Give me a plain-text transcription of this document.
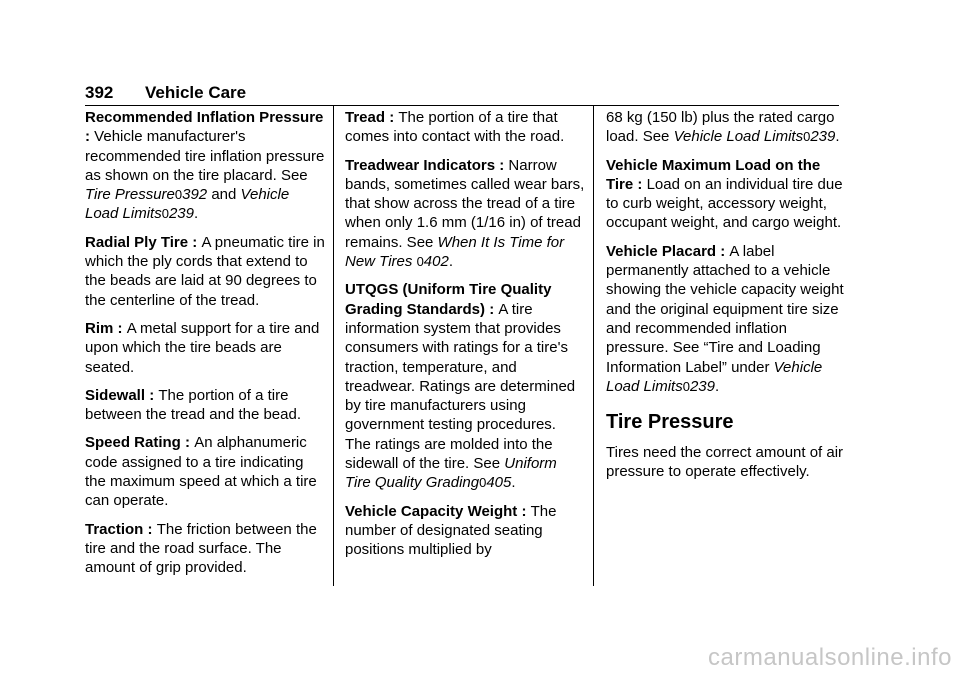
392 Vehicle Care

Recommended Inflation Pressure : Vehicle manufacturer's recommended tire inflation pressure as shown on the tire placard. See Tire Pressure0392 and Vehicle Load Limits0239.

Radial Ply Tire : A pneumatic tire in which the ply cords that extend to the beads are laid at 90 degrees to the centerline of the tread.

Rim : A metal support for a tire and upon which the tire beads are seated.

Sidewall : The portion of a tire between the tread and the bead.

Speed Rating : An alphanumeric code assigned to a tire indicating the maximum speed at which a tire can operate.

Traction : The friction between the tire and the road surface. The amount of grip provided.

Tread : The portion of a tire that comes into contact with the road.

Treadwear Indicators : Narrow bands, sometimes called wear bars, that show across the tread of a tire when only 1.6 mm (1/16 in) of tread remains. See When It Is Time for New Tires 0402.

UTQGS (Uniform Tire Quality Grading Standards) : A tire information system that provides consumers with ratings for a tire's traction, temperature, and treadwear. Ratings are determined by tire manufacturers using government testing procedures. The ratings are molded into the sidewall of the tire. See Uniform Tire Quality Grading0405.

Vehicle Capacity Weight : The number of designated seating positions multiplied by

68 kg (150 lb) plus the rated cargo load. See Vehicle Load Limits0239.

Vehicle Maximum Load on the Tire : Load on an individual tire due to curb weight, accessory weight, occupant weight, and cargo weight.

Vehicle Placard : A label permanently attached to a vehicle showing the vehicle capacity weight and the original equipment tire size and recommended inflation pressure. See “Tire and Loading Information Label” under Vehicle Load Limits0239.

Tire Pressure

Tires need the correct amount of air pressure to operate effectively.

carmanualsonline.info
